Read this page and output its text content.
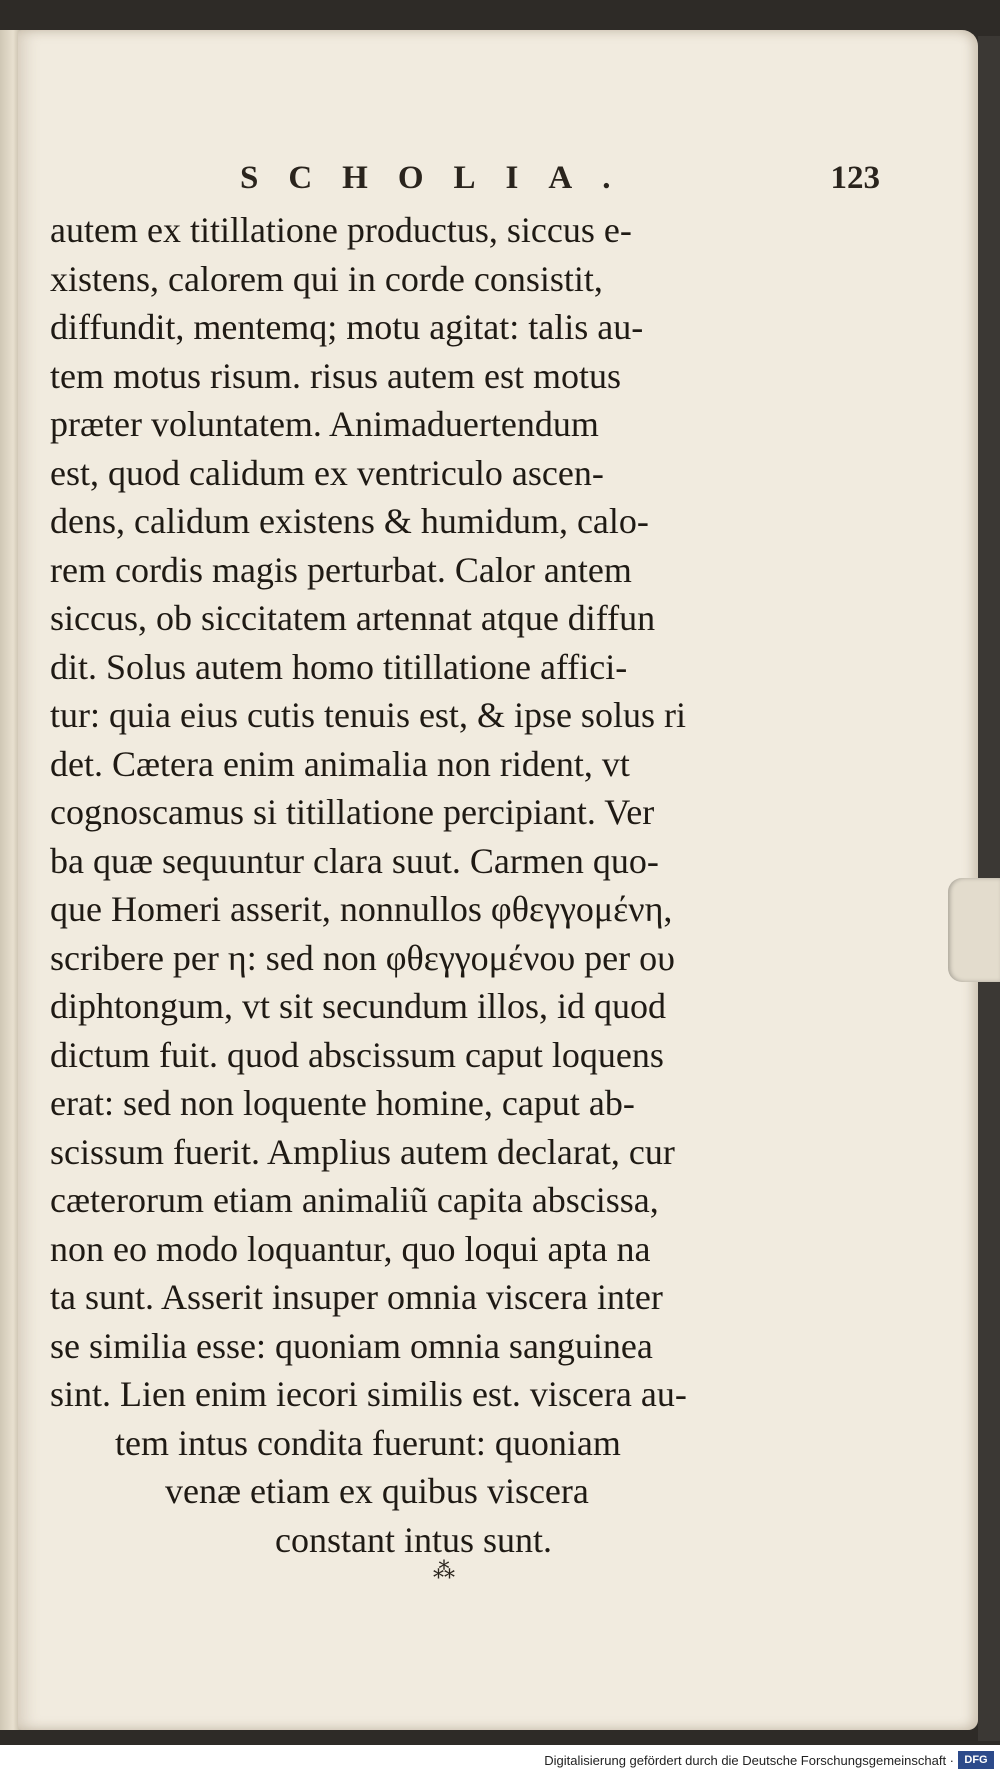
SCHOLIA.	123
autem ex titillatione productus, siccus e-
xistens, calorem qui in corde consistit,
diffundit, mentemq; motu agitat: talis au-
tem motus risum. risus autem est motus
præter voluntatem. Animaduertendum
est, quod calidum ex ventriculo ascen-
dens, calidum existens & humidum, calo-
rem cordis magis perturbat. Calor antem
siccus, ob siccitatem artennat atque diffun
dit. Solus autem homo titillatione affici-
tur: quia eius cutis tenuis est, & ipse solus ri
det. Cætera enim animalia non rident, vt
cognoscamus si titillatione percipiant. Ver
ba quæ sequuntur clara suut. Carmen quo-
que Homeri asserit, nonnullos φθεγγομένη,
scribere per η: sed non φθεγγομένου per ου
diphtongum, vt sit secundum illos, id quod
dictum fuit. quod abscissum caput loquens
erat: sed non loquente homine, caput ab-
scissum fuerit. Amplius autem declarat, cur
cæterorum etiam animaliũ capita abscissa,
non eo modo loquantur, quo loqui apta na
ta sunt. Asserit insuper omnia viscera inter
se similia esse: quoniam omnia sanguinea
sint. Lien enim iecori similis est. viscera au-
tem intus condita fuerunt: quoniam
venæ etiam ex quibus viscera
constant intus sunt.
⁂
Digitalisierung gefördert durch die Deutsche Forschungsgemeinschaft · DFG
